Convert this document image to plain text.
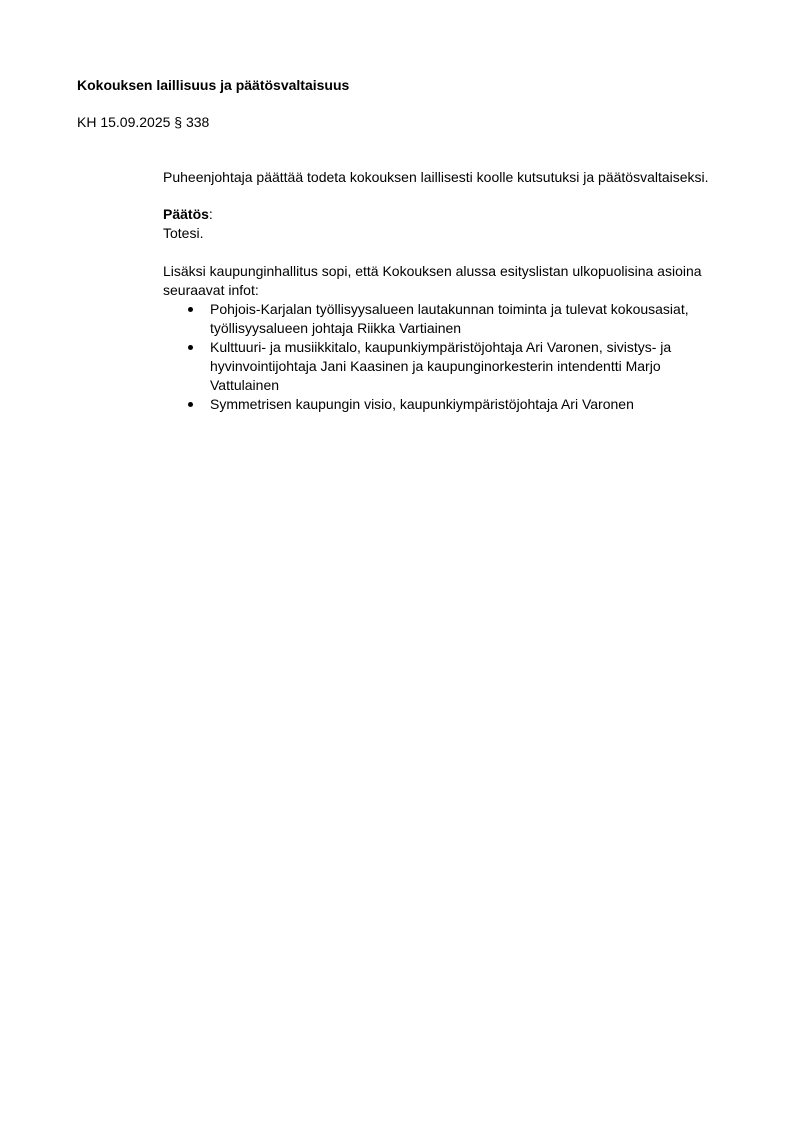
Kokouksen laillisuus ja päätösvaltaisuus

KH 15.09.2025 § 338

Puheenjohtaja päättää todeta kokouksen laillisesti koolle kutsutuksi ja päätösvaltaiseksi.

Päätös:

Totesi.

Lisäksi kaupunginhallitus sopi, että Kokouksen alussa esityslistan ulkopuolisina asioina seuraavat infot:

Pohjois-Karjalan työllisyysalueen lautakunnan toiminta ja tulevat kokousasiat, työllisyysalueen johtaja Riikka Vartiainen
Kulttuuri- ja musiikkitalo, kaupunkiympäristöjohtaja Ari Varonen, sivistys- ja hyvinvointijohtaja Jani Kaasinen ja kaupunginorkesterin intendentti Marjo Vattulainen
Symmetrisen kaupungin visio, kaupunkiympäristöjohtaja Ari Varonen
